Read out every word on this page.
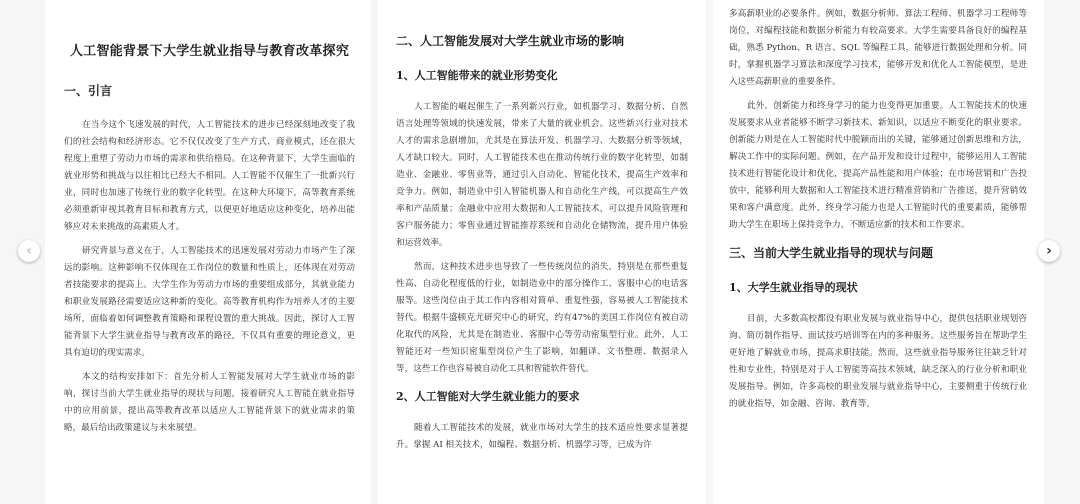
人工智能背景下大学生就业指导与教育改革探究
一、引言

在当今这个飞速发展的时代，人工智能技术的进步已经深刻地改变了我们的社会结构和经济形态。它不仅仅改变了生产方式、商业模式，还在很大程度上重塑了劳动力市场的需求和供给格局。在这种背景下，大学生面临的就业形势和挑战与以往相比已经大不相同。人工智能不仅催生了一批新兴行业，同时也加速了传统行业的数字化转型。在这种大环境下，高等教育系统必须重新审视其教育目标和教育方式，以便更好地适应这种变化，培养出能够应对未来挑战的高素质人才。

研究背景与意义在于，人工智能技术的迅速发展对劳动力市场产生了深远的影响。这种影响不仅体现在工作岗位的数量和性质上，还体现在对劳动者技能要求的提高上。大学生作为劳动力市场的重要组成部分，其就业能力和职业发展路径需要适应这种新的变化。高等教育机构作为培养人才的主要场所，面临着如何调整教育策略和课程设置的重大挑战。因此，探讨人工智能背景下大学生就业指导与教育改革的路径，不仅具有重要的理论意义，更具有迫切的现实需求。

本文的结构安排如下：首先分析人工智能发展对大学生就业市场的影响，探讨当前大学生就业指导的现状与问题，接着研究人工智能在就业指导中的应用前景，提出高等教育改革以适应人工智能背景下的就业需求的策略，最后给出政策建议与未来展望。

二、人工智能发展对大学生就业市场的影响
1、人工智能带来的就业形势变化

人工智能的崛起催生了一系列新兴行业，如机器学习、数据分析、自然语言处理等领域的快速发展，带来了大量的就业机会。这些新兴行业对技术人才的需求急剧增加，尤其是在算法开发、机器学习、大数据分析等领域，人才缺口较大。同时，人工智能技术也在推动传统行业的数字化转型，如制造业、金融业、零售业等，通过引入自动化、智能化技术，提高生产效率和竞争力。例如，制造业中引入智能机器人和自动化生产线，可以提高生产效率和产品质量；金融业中应用大数据和人工智能技术，可以提升风险管理和客户服务能力；零售业通过智能推荐系统和自动化仓储物流，提升用户体验和运营效率。

然而，这种技术进步也导致了一些传统岗位的消失，特别是在那些重复性高、自动化程度低的行业，如制造业中的部分操作工、客服中心的电话客服等。这些岗位由于其工作内容相对简单、重复性强，容易被人工智能技术替代。根据牛盛顿克尤研究中心的研究，约有47%的美国工作岗位有被自动化取代的风险，尤其是在制造业、客服中心等劳动密集型行业。此外，人工智能还对一些知识密集型岗位产生了影响，如翻译、文书整理、数据录入等，这些工作也容易被自动化工具和智能软件替代。

2、人工智能对大学生就业能力的要求

随着人工智能技术的发展，就业市场对大学生的技术适应性要求显著提升。掌握 AI 相关技术，如编程、数据分析、机器学习等，已成为许

多高薪职业的必要条件。例如，数据分析师、算法工程师、机器学习工程师等岗位，对编程技能和数据分析能力有较高要求。大学生需要具备良好的编程基础，熟悉 Python、R 语言、SQL 等编程工具，能够进行数据处理和分析。同时，掌握机器学习算法和深度学习技术，能够开发和优化人工智能模型，是进入这些高薪职业的重要条件。

此外，创新能力和终身学习的能力也变得更加重要。人工智能技术的快速发展要求从业者能够不断学习新技术、新知识，以适应不断变化的职业要求。创新能力则是在人工智能时代中脱颖而出的关键，能够通过创新思维和方法，解决工作中的实际问题。例如，在产品开发和设计过程中，能够运用人工智能技术进行智能化设计和优化，提高产品性能和用户体验；在市场营销和广告投放中，能够利用大数据和人工智能技术进行精准营销和广告推送，提升营销效果和客户满意度。此外，终身学习能力也是人工智能时代的重要素质，能够帮助大学生在职场上保持竞争力，不断适应新的技术和工作要求。

三、当前大学生就业指导的现状与问题
1、大学生就业指导的现状

目前，大多数高校都设有职业发展与就业指导中心，提供包括职业规划咨询、简历制作指导、面试技巧培训等在内的多种服务。这些服务旨在帮助学生更好地了解就业市场，提高求职技能。然而，这些就业指导服务往往缺乏针对性和专业性，特别是对于人工智能等高技术领域，缺乏深入的行业分析和职业发展指导。例如，许多高校的职业发展与就业指导中心，主要侧重于传统行业的就业指导，如金融、咨询、教育等，

‹	›
